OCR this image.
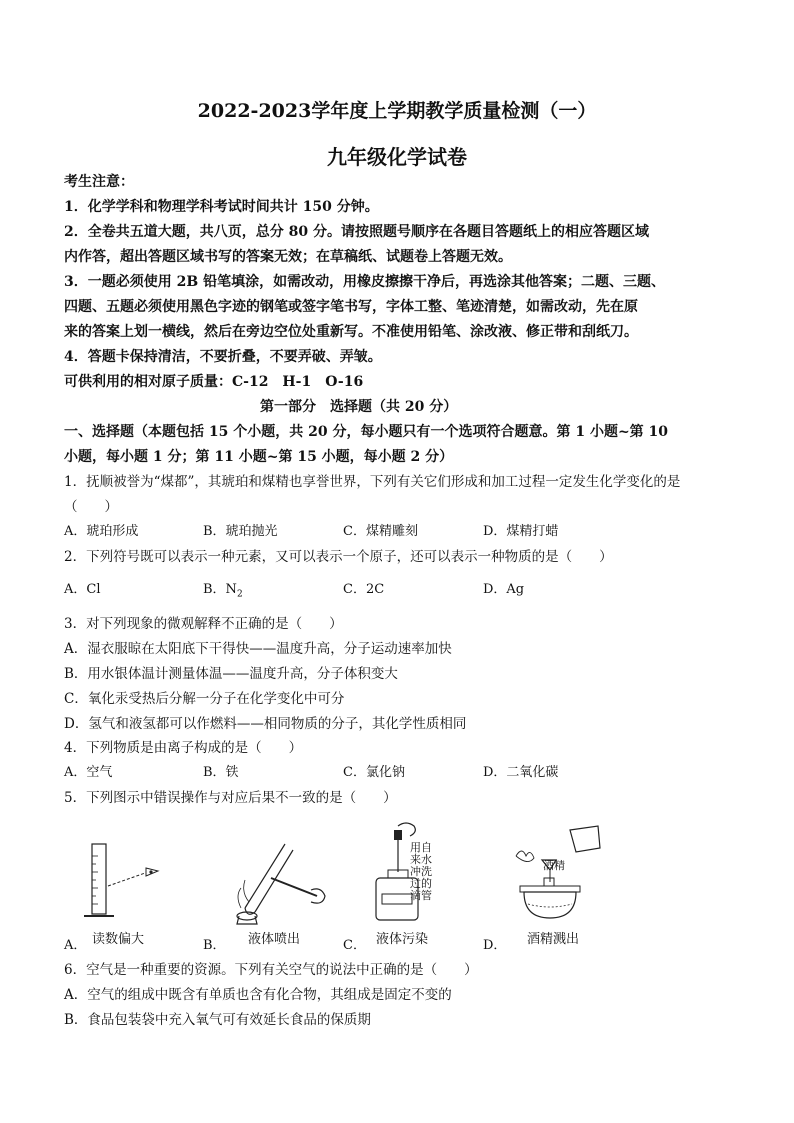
2022-2023学年度上学期教学质量检测（一）
九年级化学试卷
考生注意：
1．化学学科和物理学科考试时间共计 150 分钟。
2．全卷共五道大题，共八页，总分 80 分。请按照题号顺序在各题目答题纸上的相应答题区域
内作答，超出答题区域书写的答案无效；在草稿纸、试题卷上答题无效。
3．一题必须使用 2B 铅笔填涂，如需改动，用橡皮擦擦干净后，再选涂其他答案；二题、三题、
四题、五题必须使用黑色字迹的钢笔或签字笔书写，字体工整、笔迹清楚，如需改动，先在原
来的答案上划一横线，然后在旁边空位处重新写。不准使用铅笔、涂改液、修正带和刮纸刀。
4．答题卡保持清洁，不要折叠，不要弄破、弄皱。
可供利用的相对原子质量：C-12　H-1　O-16
第一部分　选择题（共 20 分）
一、选择题（本题包括 15 个小题，共 20 分，每小题只有一个选项符合题意。第 1 小题~第 10
小题，每小题 1 分；第 11 小题~第 15 小题，每小题 2 分）
1．抚顺被誉为“煤都”，其琥珀和煤精也享誉世界，下列有关它们形成和加工过程一定发生化学变化的是
（　　）
A．琥珀形成	B．琥珀抛光	C．煤精雕刻	D．煤精打蜡
2．下列符号既可以表示一种元素，又可以表示一个原子，还可以表示一种物质的是（　　）
A．Cl	B．$N_2$	C．2C	D．Ag
3．对下列现象的微观解释不正确的是（　　）
A．湿衣服晾在太阳底下干得快——温度升高，分子运动速率加快
B．用水银体温计测量体温——温度升高，分子体积变大
C．氧化汞受热后分解一分子在化学变化中可分
D．氢气和液氢都可以作燃料——相同物质的分子，其化学性质相同
4．下列物质是由离子构成的是（　　）
A．空气	B．铁	C．氯化钠	D．二氧化碳
5．下列图示中错误操作与对应后果不一致的是（　　）
A． 读数偏大	B． 液体喷出
用自
来水
冲洗
过的
滴管
C． 液体污染
酒精
D． 酒精溅出
6．空气是一种重要的资源。下列有关空气的说法中正确的是（　　）
A．空气的组成中既含有单质也含有化合物，其组成是固定不变的
B．食品包装袋中充入氧气可有效延长食品的保质期
